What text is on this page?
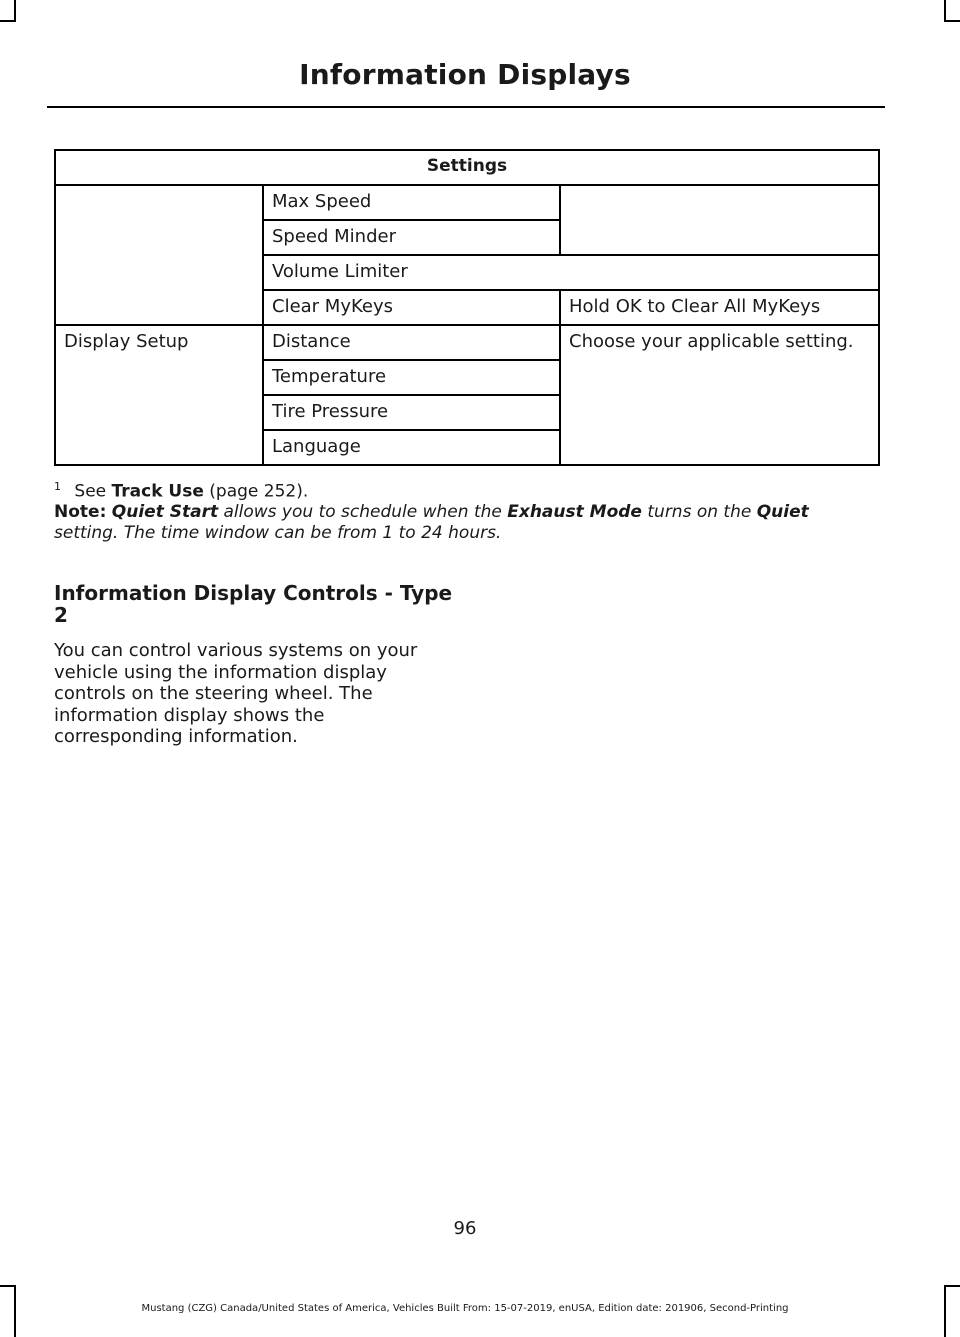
Information Displays
Settings		
	Max Speed	
	Speed Minder	
	Volume Limiter	
	Clear MyKeys	Hold OK to Clear All MyKeys
Display Setup	Distance	Choose your applicable setting.
	Temperature	
	Tire Pressure	
	Language	
$^1$ See Track Use (page 252).
Note: Quiet Start allows you to schedule when the Exhaust Mode turns on the Quiet setting. The time window can be from 1 to 24 hours.
Information Display Controls - Type 2
You can control various systems on your vehicle using the information display controls on the steering wheel. The information display shows the corresponding information.
96
Mustang (CZG) Canada/United States of America, Vehicles Built From: 15-07-2019, enUSA, Edition date: 201906, Second-Printing
